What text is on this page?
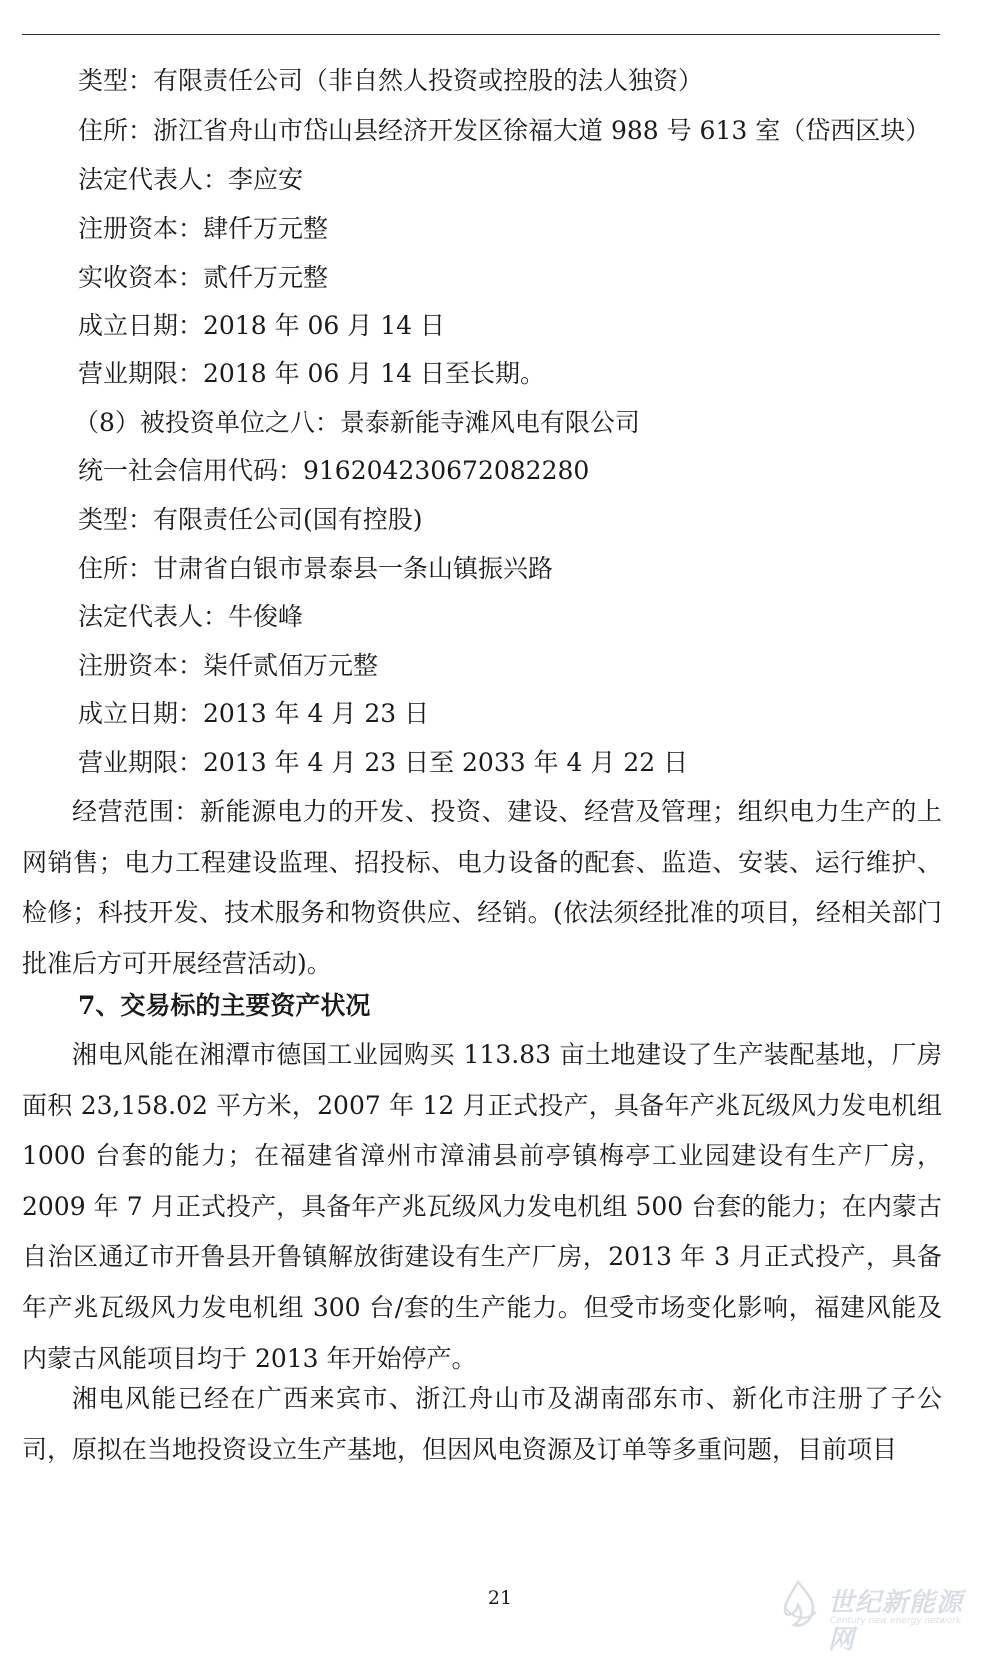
类型：有限责任公司（非自然人投资或控股的法人独资）
住所：浙江省舟山市岱山县经济开发区徐福大道 988 号 613 室（岱西区块）
法定代表人：李应安
注册资本：肆仟万元整
实收资本：贰仟万元整
成立日期：2018 年 06 月 14 日
营业期限：2018 年 06 月 14 日至长期。
（8）被投资单位之八：景泰新能寺滩风电有限公司
统一社会信用代码：916204230672082280
类型：有限责任公司(国有控股)
住所：甘肃省白银市景泰县一条山镇振兴路
法定代表人：牛俊峰
注册资本：柒仟贰佰万元整
成立日期：2013 年 4 月 23 日
营业期限：2013 年 4 月 23 日至 2033 年 4 月 22 日

经营范围：新能源电力的开发、投资、建设、经营及管理；组织电力生产的上网销售；电力工程建设监理、招投标、电力设备的配套、监造、安装、运行维护、检修；科技开发、技术服务和物资供应、经销。(依法须经批准的项目，经相关部门批准后方可开展经营活动)。

7、交易标的主要资产状况

湘电风能在湘潭市德国工业园购买 113.83 亩土地建设了生产装配基地，厂房面积 23,158.02 平方米，2007 年 12 月正式投产，具备年产兆瓦级风力发电机组 1000 台套的能力；在福建省漳州市漳浦县前亭镇梅亭工业园建设有生产厂房，2009 年 7 月正式投产，具备年产兆瓦级风力发电机组 500 台套的能力；在内蒙古自治区通辽市开鲁县开鲁镇解放街建设有生产厂房，2013 年 3 月正式投产，具备年产兆瓦级风力发电机组 300 台/套的生产能力。但受市场变化影响，福建风能及内蒙古风能项目均于 2013 年开始停产。

湘电风能已经在广西来宾市、浙江舟山市及湖南邵东市、新化市注册了子公司，原拟在当地投资设立生产基地，但因风电资源及订单等多重问题，目前项目

21	世纪新能源网
Century new energy network
